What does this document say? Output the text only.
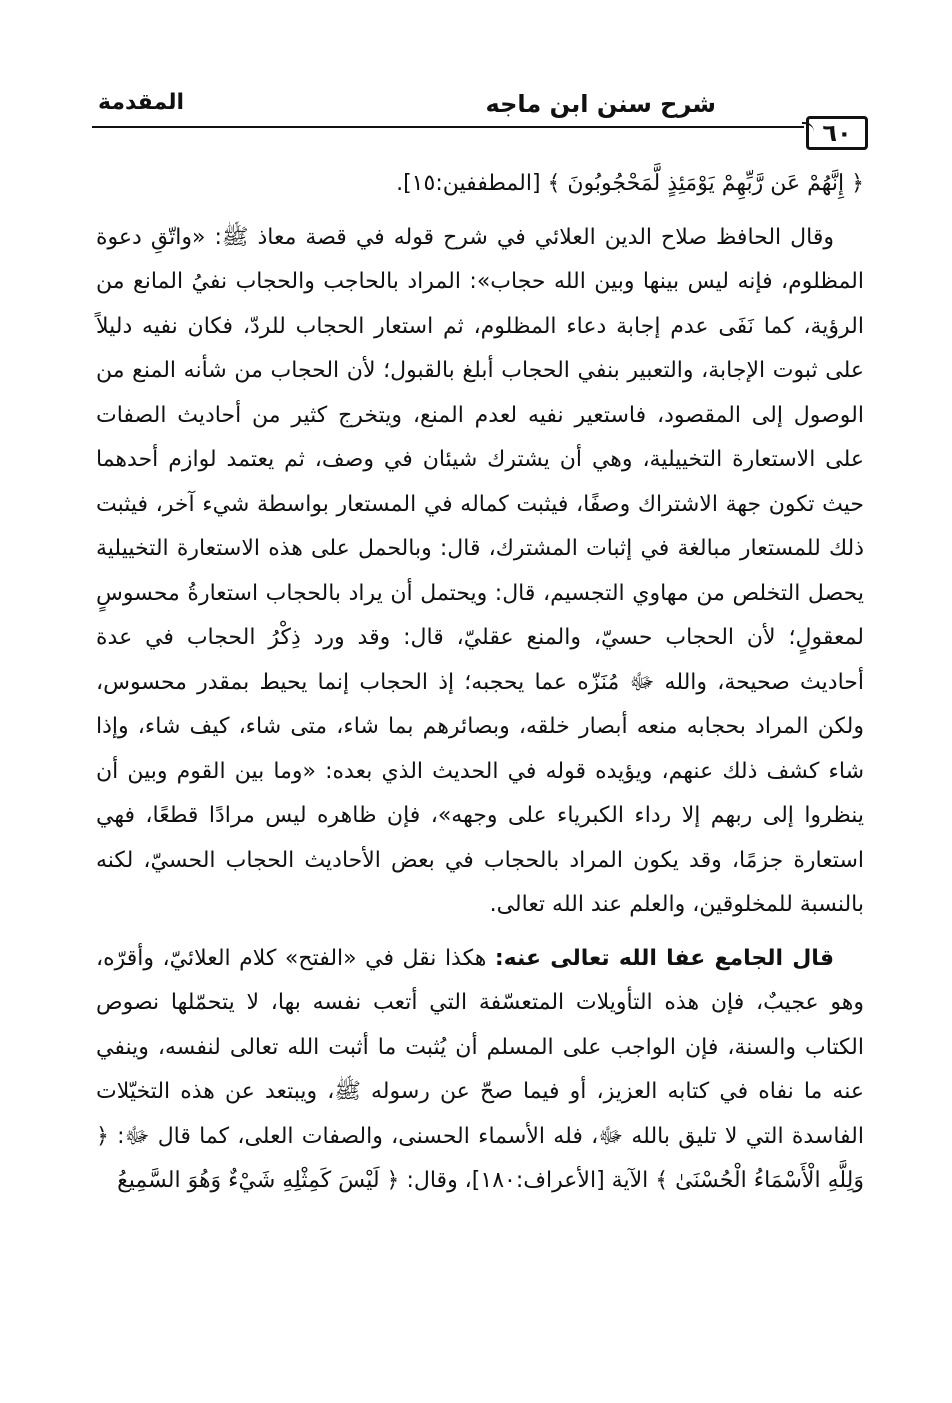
٦٠
شرح سنن ابن ماجه
المقدمة

﴿ إِنَّهُمْ عَن رَّبِّهِمْ يَوْمَئِذٍ لَّمَحْجُوبُونَ ﴾ [المطففين:١٥].

وقال الحافظ صلاح الدين العلائي في شرح قوله في قصة معاذ ﷺ: «واتّقِ دعوة المظلوم، فإنه ليس بينها وبين الله حجاب»: المراد بالحاجب والحجاب نفيُ المانع من الرؤية، كما نَفَى عدم إجابة دعاء المظلوم، ثم استعار الحجاب للردّ، فكان نفيه دليلاً على ثبوت الإجابة، والتعبير بنفي الحجاب أبلغ بالقبول؛ لأن الحجاب من شأنه المنع من الوصول إلى المقصود، فاستعير نفيه لعدم المنع، ويتخرج كثير من أحاديث الصفات على الاستعارة التخييلية، وهي أن يشترك شيئان في وصف، ثم يعتمد لوازم أحدهما حيث تكون جهة الاشتراك وصفًا، فيثبت كماله في المستعار بواسطة شيء آخر، فيثبت ذلك للمستعار مبالغة في إثبات المشترك، قال: وبالحمل على هذه الاستعارة التخييلية يحصل التخلص من مهاوي التجسيم، قال: ويحتمل أن يراد بالحجاب استعارةُ محسوسٍ لمعقولٍ؛ لأن الحجاب حسيّ، والمنع عقليّ، قال: وقد ورد ذِكْرُ الحجاب في عدة أحاديث صحيحة، والله ﷻ مُنَزّه عما يحجبه؛ إذ الحجاب إنما يحيط بمقدر محسوس، ولكن المراد بحجابه منعه أبصار خلقه، وبصائرهم بما شاء، متى شاء، كيف شاء، وإذا شاء كشف ذلك عنهم، ويؤيده قوله في الحديث الذي بعده: «وما بين القوم وبين أن ينظروا إلى ربهم إلا رداء الكبرياء على وجهه»، فإن ظاهره ليس مرادًا قطعًا، فهي استعارة جزمًا، وقد يكون المراد بالحجاب في بعض الأحاديث الحجاب الحسيّ، لكنه بالنسبة للمخلوقين، والعلم عند الله تعالى.

قال الجامع عفا الله تعالى عنه: هكذا نقل في «الفتح» كلام العلائيّ، وأقرّه، وهو عجيبٌ، فإن هذه التأويلات المتعسّفة التي أتعب نفسه بها، لا يتحمّلها نصوص الكتاب والسنة، فإن الواجب على المسلم أن يُثبت ما أثبت الله تعالى لنفسه، وينفي عنه ما نفاه في كتابه العزيز، أو فيما صحّ عن رسوله ﷺ، ويبتعد عن هذه التخيّلات الفاسدة التي لا تليق بالله ﷻ، فله الأسماء الحسنى، والصفات العلى، كما قال ﷻ: ﴿ وَلِلَّهِ الْأَسْمَاءُ الْحُسْنَىٰ ﴾ الآية [الأعراف:١٨٠]، وقال: ﴿ لَيْسَ كَمِثْلِهِ شَيْءٌ وَهُوَ السَّمِيعُ
